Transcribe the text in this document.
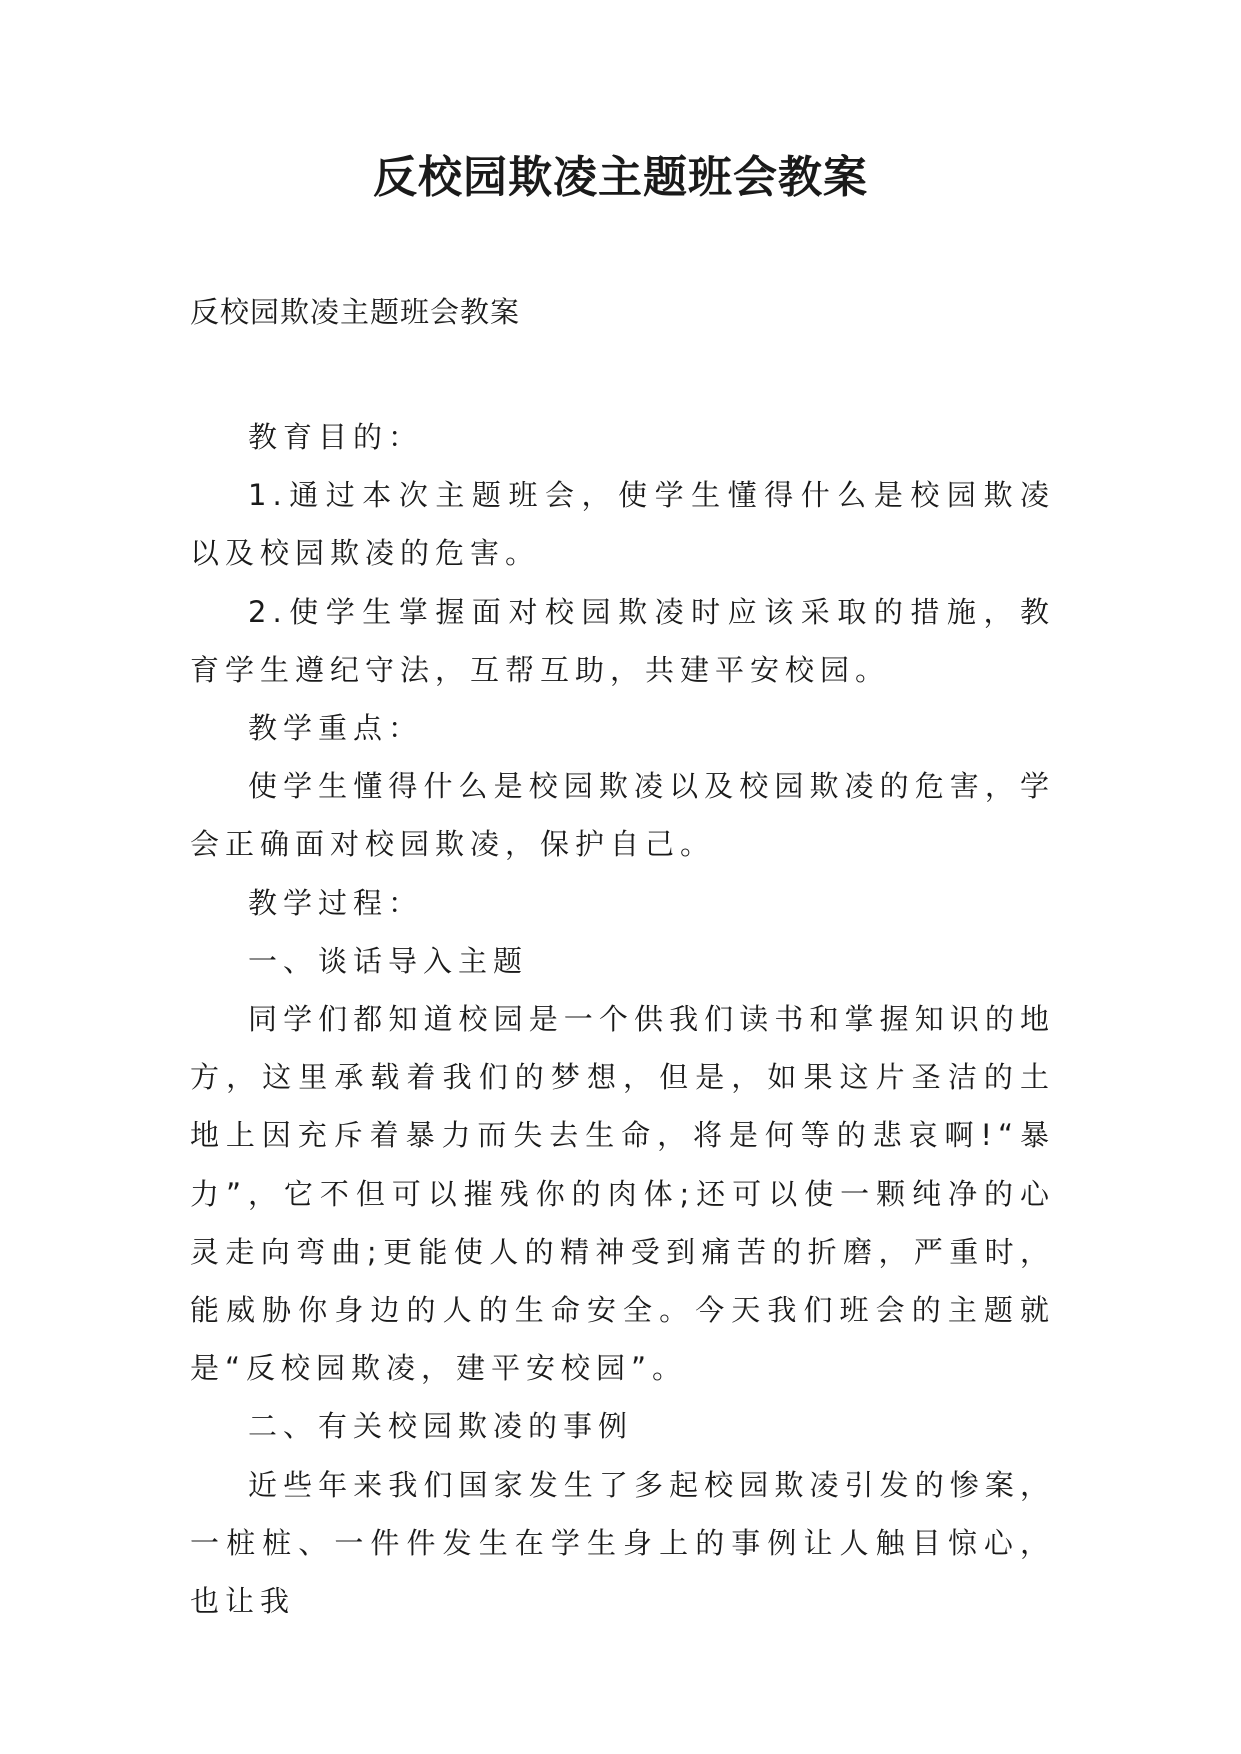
反校园欺凌主题班会教案
反校园欺凌主题班会教案

教育目的：

1.通过本次主题班会，使学生懂得什么是校园欺凌以及校园欺凌的危害。

2.使学生掌握面对校园欺凌时应该采取的措施，教育学生遵纪守法，互帮互助，共建平安校园。

教学重点：

使学生懂得什么是校园欺凌以及校园欺凌的危害，学会正确面对校园欺凌，保护自己。

教学过程：

一、谈话导入主题

同学们都知道校园是一个供我们读书和掌握知识的地方，这里承载着我们的梦想，但是，如果这片圣洁的土地上因充斥着暴力而失去生命，将是何等的悲哀啊!“暴力”，它不但可以摧残你的肉体;还可以使一颗纯净的心灵走向弯曲;更能使人的精神受到痛苦的折磨，严重时，能威胁你身边的人的生命安全。今天我们班会的主题就是“反校园欺凌，建平安校园”。

二、有关校园欺凌的事例

近些年来我们国家发生了多起校园欺凌引发的惨案，一桩桩、一件件发生在学生身上的事例让人触目惊心，也让我
